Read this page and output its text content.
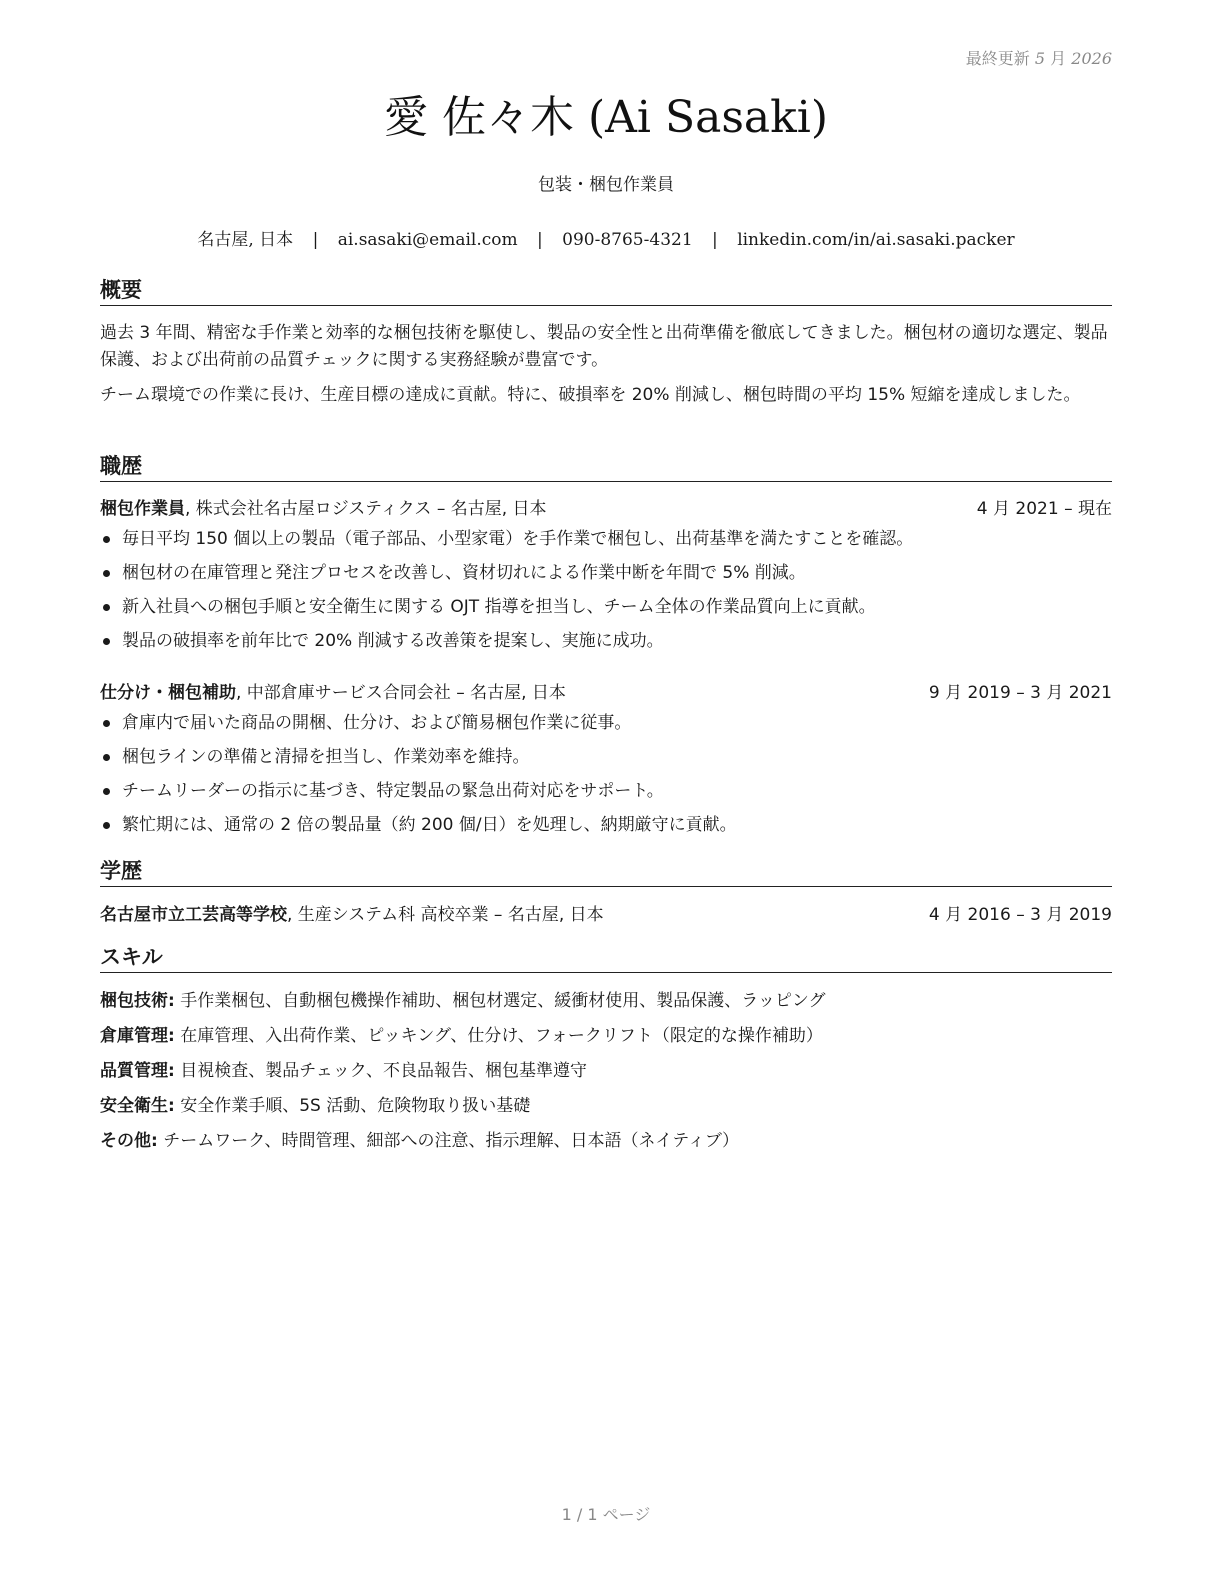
最終更新 5 月 2026
愛 佐々木 (Ai Sasaki)
包装・梱包作業員
名古屋, 日本 | ai.sasaki@email.com | 090-8765-4321 | linkedin.com/in/ai.sasaki.packer
概要

過去 3 年間、精密な手作業と効率的な梱包技術を駆使し、製品の安全性と出荷準備を徹底してきました。梱包材の適切な選定、製品保護、および出荷前の品質チェックに関する実務経験が豊富です。

チーム環境での作業に長け、生産目標の達成に貢献。特に、破損率を 20% 削減し、梱包時間の平均 15% 短縮を達成しました。

職歴
梱包作業員, 株式会社名古屋ロジスティクス – 名古屋, 日本	4 月 2021 – 現在
毎日平均 150 個以上の製品（電子部品、小型家電）を手作業で梱包し、出荷基準を満たすことを確認。
梱包材の在庫管理と発注プロセスを改善し、資材切れによる作業中断を年間で 5% 削減。
新入社員への梱包手順と安全衛生に関する OJT 指導を担当し、チーム全体の作業品質向上に貢献。
製品の破損率を前年比で 20% 削減する改善策を提案し、実施に成功。
仕分け・梱包補助, 中部倉庫サービス合同会社 – 名古屋, 日本	9 月 2019 – 3 月 2021
倉庫内で届いた商品の開梱、仕分け、および簡易梱包作業に従事。
梱包ラインの準備と清掃を担当し、作業効率を維持。
チームリーダーの指示に基づき、特定製品の緊急出荷対応をサポート。
繁忙期には、通常の 2 倍の製品量（約 200 個/日）を処理し、納期厳守に貢献。
学歴
名古屋市立工芸高等学校, 生産システム科 高校卒業 – 名古屋, 日本	4 月 2016 – 3 月 2019
スキル
梱包技術: 手作業梱包、自動梱包機操作補助、梱包材選定、緩衝材使用、製品保護、ラッピング
倉庫管理: 在庫管理、入出荷作業、ピッキング、仕分け、フォークリフト（限定的な操作補助）
品質管理: 目視検査、製品チェック、不良品報告、梱包基準遵守
安全衛生: 安全作業手順、5S 活動、危険物取り扱い基礎
その他: チームワーク、時間管理、細部への注意、指示理解、日本語（ネイティブ）
1 / 1 ページ
